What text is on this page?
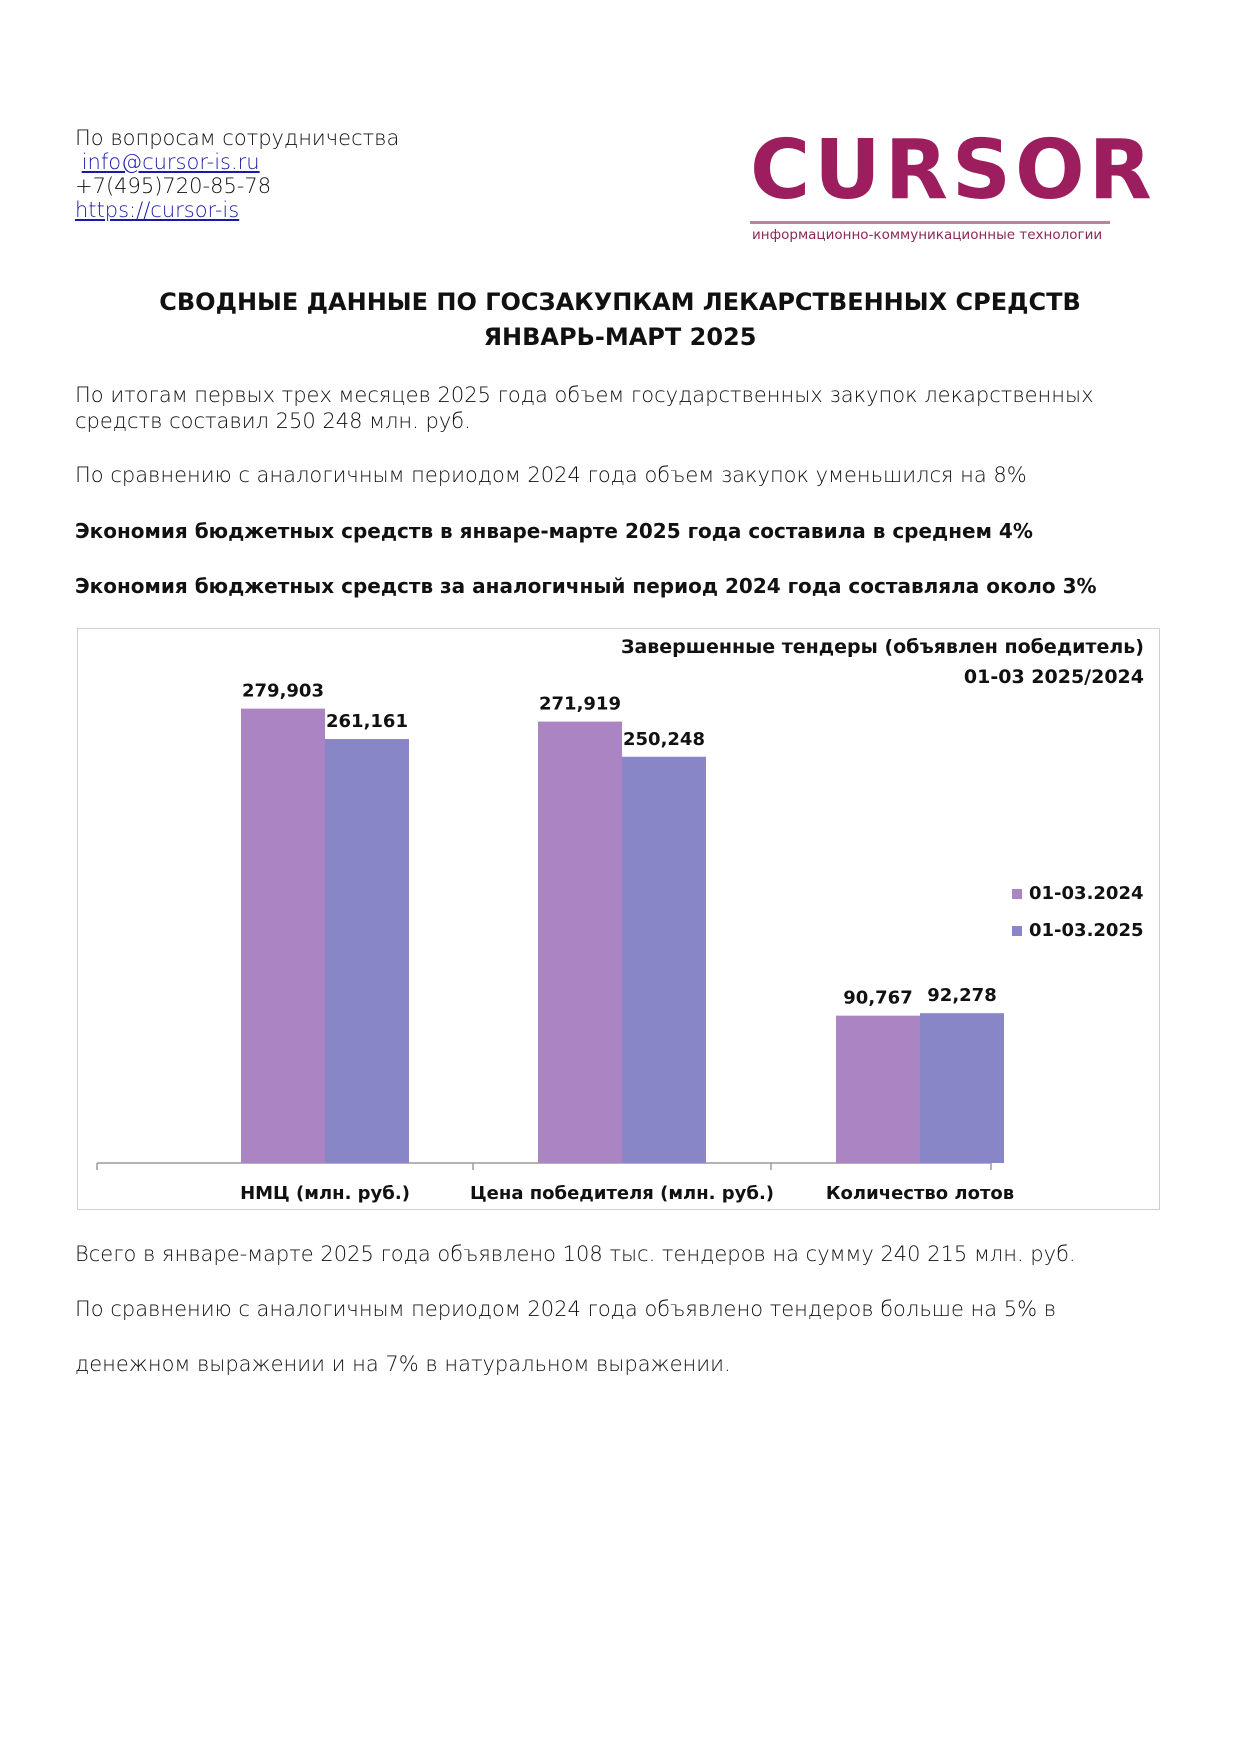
По вопросам сотрудничества
info@cursor-is.ru
+7(495)720-85-78
https://cursor-is	CURSOR
информационно-коммуникационные технологии
СВОДНЫЕ ДАННЫЕ ПО ГОСЗАКУПКАМ ЛЕКАРСТВЕННЫХ СРЕДСТВ
ЯНВАРЬ-МАРТ 2025
По итогам первых трех месяцев 2025 года объем государственных закупок лекарственных средств составил 250 248 млн. руб.
По сравнению с аналогичным периодом 2024 года объем закупок уменьшился на 8%
Экономия бюджетных средств в январе-марте 2025 года составила в среднем 4%
Экономия бюджетных средств за аналогичный период 2024 года составляла около 3%
279,903
261,161
НМЦ (млн. руб.)
271,919
250,248
Цена победителя (млн. руб.)
90,767 92,278
Количество лотов
Завершенные тендеры (объявлен победитель)
01-03 2025/2024
01-03.2024
01-03.2025
Всего в январе-марте 2025 года объявлено 108 тыс. тендеров на сумму 240 215 млн. руб.
По сравнению с аналогичным периодом 2024 года объявлено тендеров больше на 5% в
денежном выражении и на 7% в натуральном выражении.
